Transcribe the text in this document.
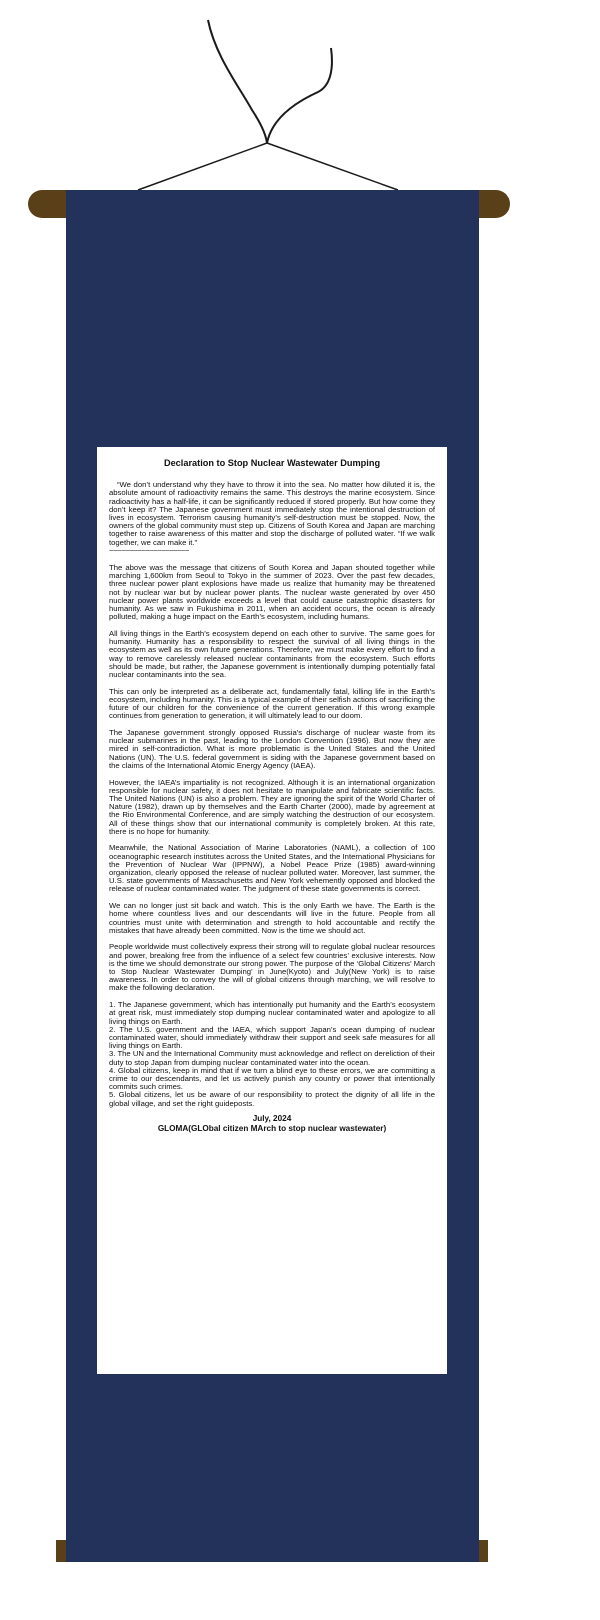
Declaration to Stop Nuclear Wastewater Dumping

“We don’t understand why they have to throw it into the sea. No matter how diluted it is, the absolute amount of radioactivity remains the same. This destroys the marine ecosystem. Since radioactivity has a half-life, it can be significantly reduced if stored properly. But how come they don’t keep it? The Japanese government must immediately stop the intentional destruction of lives in ecosystem. Terrorism causing humanity’s self-destruction must be stopped. Now, the owners of the global community must step up. Citizens of South Korea and Japan are marching together to raise awareness of this matter and stop the discharge of polluted water. “If we walk together, we can make it.”

~~~~~~~~~~~~~~~~~~~~

The above was the message that citizens of South Korea and Japan shouted together while marching 1,600km from Seoul to Tokyo in the summer of 2023. Over the past few decades, three nuclear power plant explosions have made us realize that humanity may be threatened not by nuclear war but by nuclear power plants. The nuclear waste generated by over 450 nuclear power plants worldwide exceeds a level that could cause catastrophic disasters for humanity. As we saw in Fukushima in 2011, when an accident occurs, the ocean is already polluted, making a huge impact on the Earth’s ecosystem, including humans.

All living things in the Earth’s ecosystem depend on each other to survive. The same goes for humanity. Humanity has a responsibility to respect the survival of all living things in the ecosystem as well as its own future generations. Therefore, we must make every effort to find a way to remove carelessly released nuclear contaminants from the ecosystem. Such efforts should be made, but rather, the Japanese government is intentionally dumping potentially fatal nuclear contaminants into the sea.

This can only be interpreted as a deliberate act, fundamentally fatal, killing life in the Earth’s ecosystem, including humanity. This is a typical example of their selfish actions of sacrificing the future of our children for the convenience of the current generation. If this wrong example continues from generation to generation, it will ultimately lead to our doom.

The Japanese government strongly opposed Russia’s discharge of nuclear waste from its nuclear submarines in the past, leading to the London Convention (1996). But now they are mired in self-contradiction. What is more problematic is the United States and the United Nations (UN). The U.S. federal government is siding with the Japanese government based on the claims of the International Atomic Energy Agency (IAEA).

However, the IAEA’s impartiality is not recognized. Although it is an international organization responsible for nuclear safety, it does not hesitate to manipulate and fabricate scientific facts. The United Nations (UN) is also a problem. They are ignoring the spirit of the World Charter of Nature (1982), drawn up by themselves and the Earth Charter (2000), made by agreement at the Rio Environmental Conference, and are simply watching the destruction of our ecosystem. All of these things show that our international community is completely broken. At this rate, there is no hope for humanity.

Meanwhile, the National Association of Marine Laboratories (NAML), a collection of 100 oceanographic research institutes across the United States, and the International Physicians for the Prevention of Nuclear War (IPPNW), a Nobel Peace Prize (1985) award-winning organization, clearly opposed the release of nuclear polluted water. Moreover, last summer, the U.S. state governments of Massachusetts and New York vehemently opposed and blocked the release of nuclear contaminated water. The judgment of these state governments is correct.

We can no longer just sit back and watch. This is the only Earth we have. The Earth is the home where countless lives and our descendants will live in the future. People from all countries must unite with determination and strength to hold accountable and rectify the mistakes that have already been committed. Now is the time we should act.

People worldwide must collectively express their strong will to regulate global nuclear resources and power, breaking free from the influence of a select few countries’ exclusive interests. Now is the time we should demonstrate our strong power. The purpose of the ‘Global Citizens’ March to Stop Nuclear Wastewater Dumping’ in June(Kyoto) and July(New York) is to raise awareness. In order to convey the will of global citizens through marching, we will resolve to make the following declaration.

1. The Japanese government, which has intentionally put humanity and the Earth’s ecosystem at great risk, must immediately stop dumping nuclear contaminated water and apologize to all living things on Earth.

2. The U.S. government and the IAEA, which support Japan’s ocean dumping of nuclear contaminated water, should immediately withdraw their support and seek safe measures for all living things on Earth.

3. The UN and the International Community must acknowledge and reflect on dereliction of their duty to stop Japan from dumping nuclear contaminated water into the ocean.

4. Global citizens, keep in mind that if we turn a blind eye to these errors, we are committing a crime to our descendants, and let us actively punish any country or power that intentionally commits such crimes.

5. Global citizens, let us be aware of our responsibility to protect the dignity of all life in the global village, and set the right guideposts.

July, 2024

GLOMA(GLObal citizen MArch to stop nuclear wastewater)
